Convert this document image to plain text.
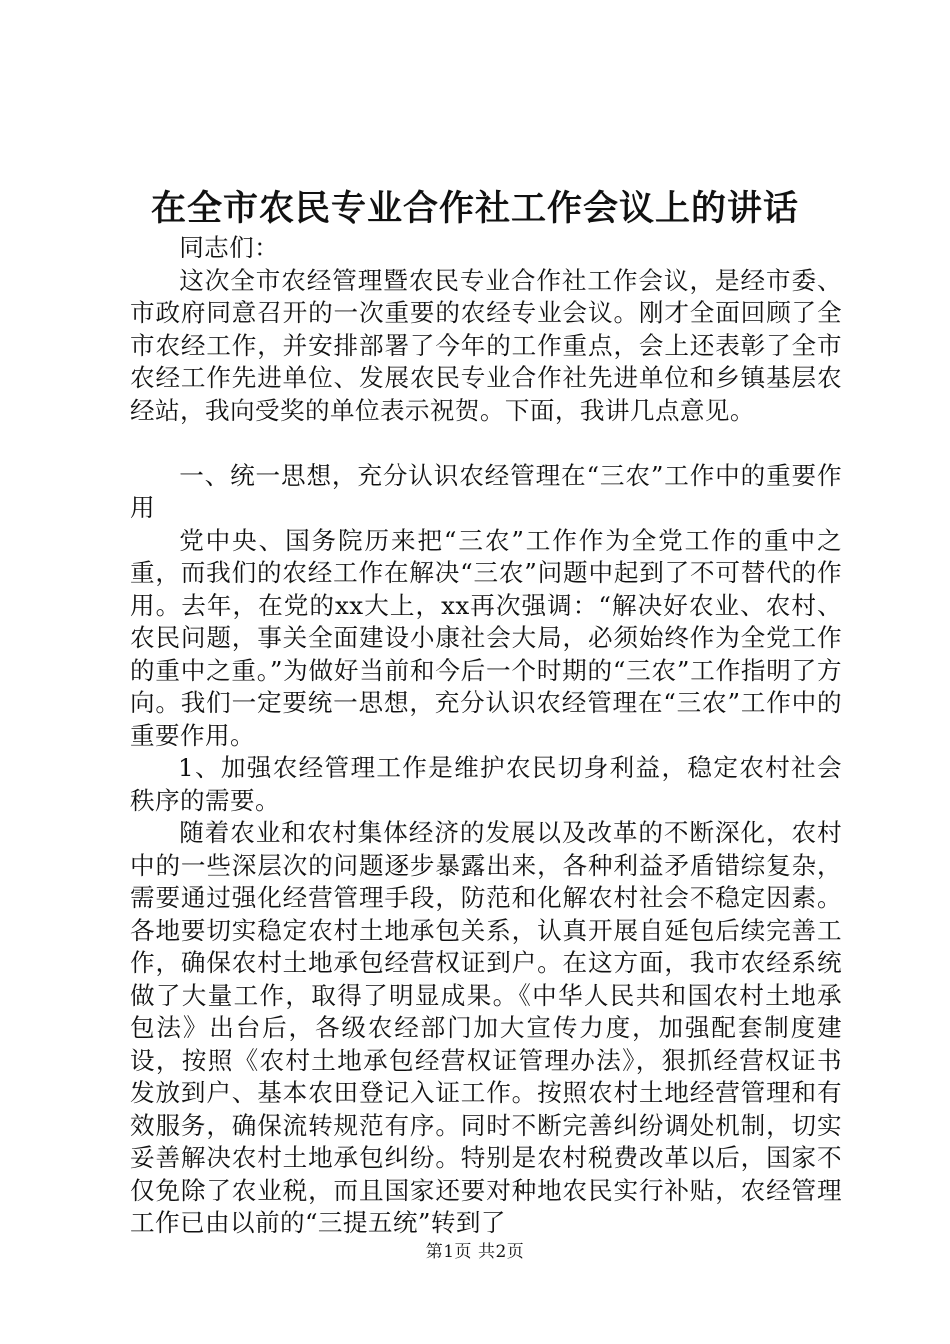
在全市农民专业合作社工作会议上的讲话

同志们：

这次全市农经管理暨农民专业合作社工作会议，是经市委、市政府同意召开的一次重要的农经专业会议。刚才全面回顾了全市农经工作，并安排部署了今年的工作重点，会上还表彰了全市农经工作先进单位、发展农民专业合作社先进单位和乡镇基层农经站，我向受奖的单位表示祝贺。下面，我讲几点意见。

一、统一思想，充分认识农经管理在“三农”工作中的重要作用

党中央、国务院历来把“三农”工作作为全党工作的重中之重，而我们的农经工作在解决“三农”问题中起到了不可替代的作用。去年，在党的xx大上，xx再次强调：“解决好农业、农村、农民问题，事关全面建设小康社会大局，必须始终作为全党工作的重中之重。”为做好当前和今后一个时期的“三农”工作指明了方向。我们一定要统一思想，充分认识农经管理在“三农”工作中的重要作用。

1、加强农经管理工作是维护农民切身利益，稳定农村社会秩序的需要。

随着农业和农村集体经济的发展以及改革的不断深化，农村中的一些深层次的问题逐步暴露出来，各种利益矛盾错综复杂，需要通过强化经营管理手段，防范和化解农村社会不稳定因素。各地要切实稳定农村土地承包关系，认真开展自延包后续完善工作，确保农村土地承包经营权证到户。在这方面，我市农经系统做了大量工作，取得了明显成果。《中华人民共和国农村土地承包法》出台后，各级农经部门加大宣传力度，加强配套制度建设，按照《农村土地承包经营权证管理办法》，狠抓经营权证书发放到户、基本农田登记入证工作。按照农村土地经营管理和有效服务，确保流转规范有序。同时不断完善纠纷调处机制，切实妥善解决农村土地承包纠纷。特别是农村税费改革以后，国家不仅免除了农业税，而且国家还要对种地农民实行补贴，农经管理工作已由以前的“三提五统”转到了

第1页 共2页
